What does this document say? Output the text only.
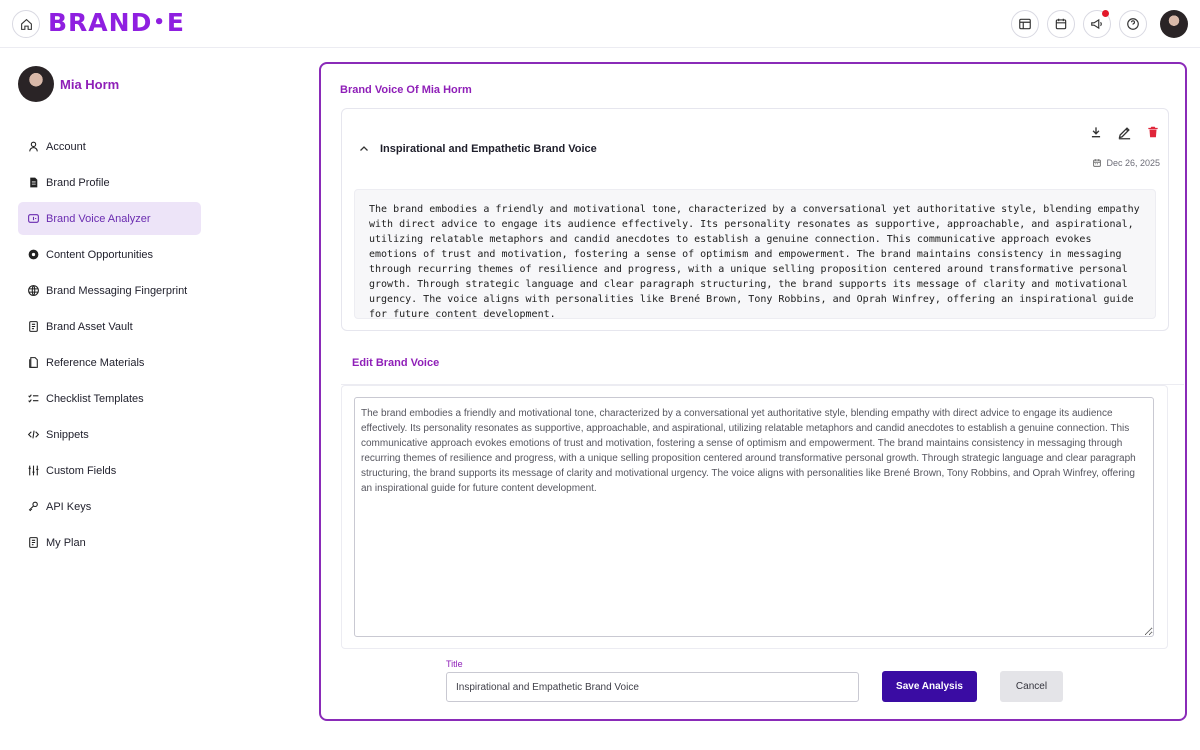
BRAND•E
Mia Horm
Account
Brand Profile
Brand Voice Analyzer
Content Opportunities
Brand Messaging Fingerprint
Brand Asset Vault
Reference Materials
Checklist Templates
Snippets
Custom Fields
API Keys
My Plan
Brand Voice Of Mia Horm
Inspirational and Empathetic Brand Voice
Dec 26, 2025
The brand embodies a friendly and motivational tone, characterized by a conversational yet authoritative style, blending empathy with direct advice to engage its audience effectively. Its personality resonates as supportive, approachable, and aspirational, utilizing relatable metaphors and candid anecdotes to establish a genuine connection. This communicative approach evokes emotions of trust and motivation, fostering a sense of optimism and empowerment. The brand maintains consistency in messaging through recurring themes of resilience and progress, with a unique selling proposition centered around transformative personal growth. Through strategic language and clear paragraph structuring, the brand supports its message of clarity and motivational urgency. The voice aligns with personalities like Brené Brown, Tony Robbins, and Oprah Winfrey, offering an inspirational guide for future content development.
Edit Brand Voice
The brand embodies a friendly and motivational tone, characterized by a conversational yet authoritative style, blending empathy with direct advice to engage its audience effectively. Its personality resonates as supportive, approachable, and aspirational, utilizing relatable metaphors and candid anecdotes to establish a genuine connection. This communicative approach evokes emotions of trust and motivation, fostering a sense of optimism and empowerment. The brand maintains consistency in messaging through recurring themes of resilience and progress, with a unique selling proposition centered around transformative personal growth. Through strategic language and clear paragraph structuring, the brand supports its message of clarity and motivational urgency. The voice aligns with personalities like Brené Brown, Tony Robbins, and Oprah Winfrey, offering an inspirational guide for future content development.
Title
Inspirational and Empathetic Brand Voice
Save Analysis	Cancel
